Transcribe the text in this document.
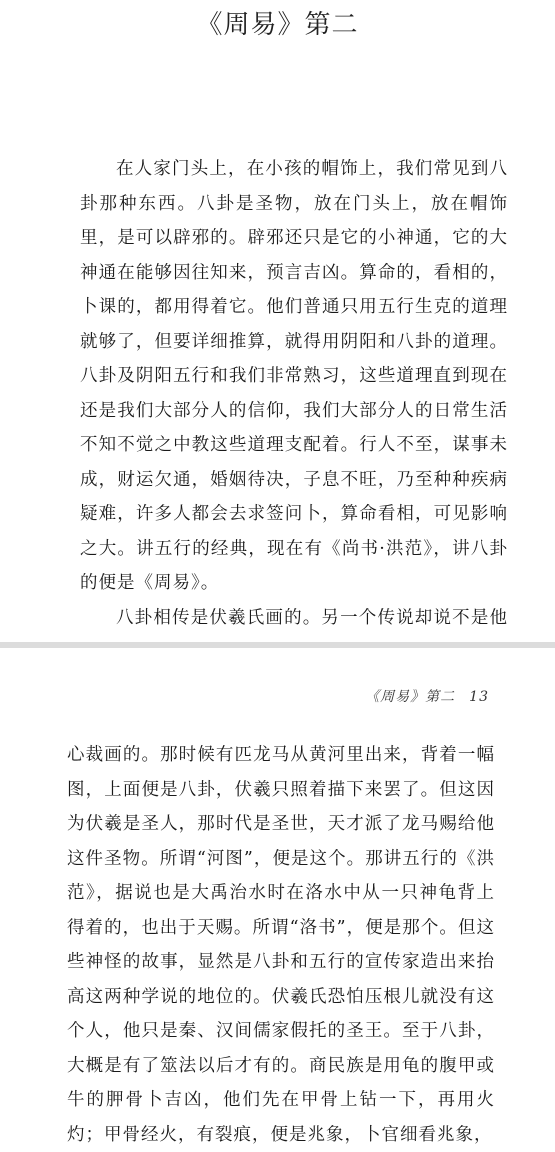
《周易》第二

在人家门头上，在小孩的帽饰上，我们常见到八卦那种东西。八卦是圣物，放在门头上，放在帽饰里，是可以辟邪的。辟邪还只是它的小神通，它的大神通在能够因往知来，预言吉凶。算命的，看相的，卜课的，都用得着它。他们普通只用五行生克的道理就够了，但要详细推算，就得用阴阳和八卦的道理。八卦及阴阳五行和我们非常熟习，这些道理直到现在还是我们大部分人的信仰，我们大部分人的日常生活不知不觉之中教这些道理支配着。行人不至，谋事未成，财运欠通，婚姻待决，子息不旺，乃至种种疾病疑难，许多人都会去求签问卜，算命看相，可见影响之大。讲五行的经典，现在有《尚书·洪范》，讲八卦的便是《周易》。

八卦相传是伏羲氏画的。另一个传说却说不是他

《周易》第二 13

心裁画的。那时候有匹龙马从黄河里出来，背着一幅图，上面便是八卦，伏羲只照着描下来罢了。但这因为伏羲是圣人，那时代是圣世，天才派了龙马赐给他这件圣物。所谓“河图”，便是这个。那讲五行的《洪范》，据说也是大禹治水时在洛水中从一只神龟背上得着的，也出于天赐。所谓“洛书”，便是那个。但这些神怪的故事，显然是八卦和五行的宣传家造出来抬高这两种学说的地位的。伏羲氏恐怕压根儿就没有这个人，他只是秦、汉间儒家假托的圣王。至于八卦，大概是有了筮法以后才有的。商民族是用龟的腹甲或牛的胛骨卜吉凶，他们先在甲骨上钻一下，再用火灼；甲骨经火，有裂痕，便是兆象，卜官细看兆象，
